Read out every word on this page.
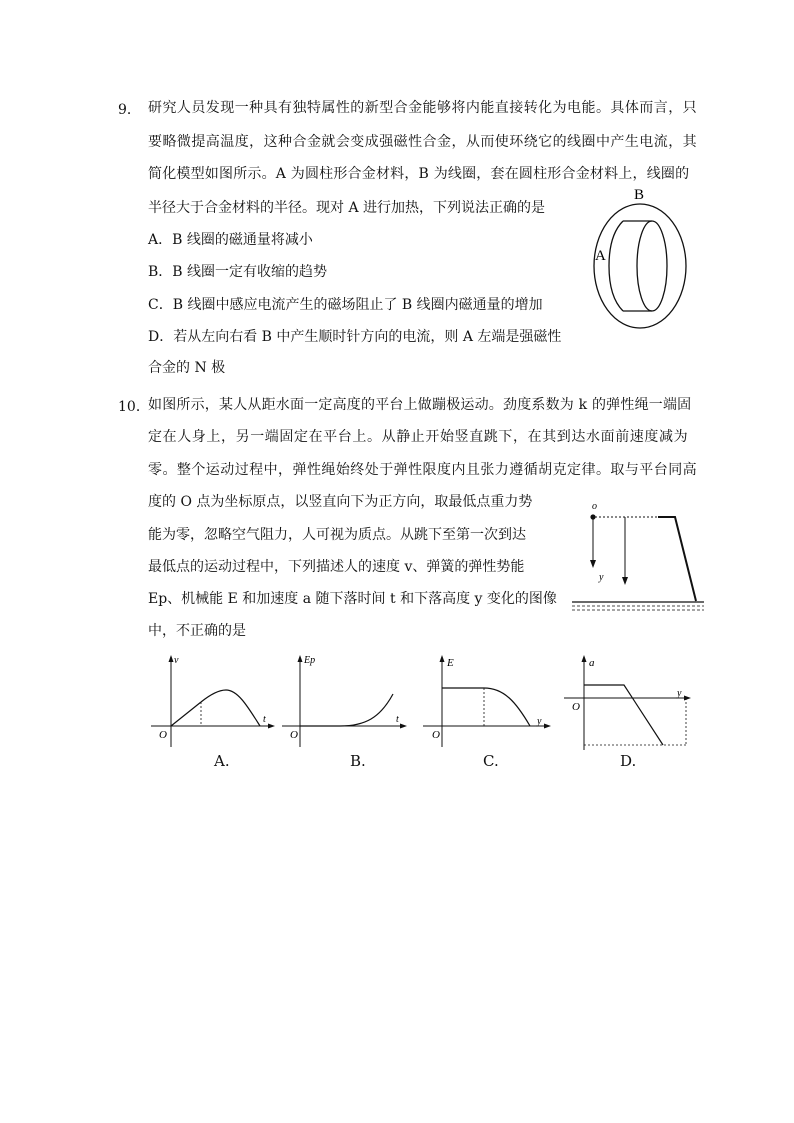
9． 研究人员发现一种具有独特属性的新型合金能够将内能直接转化为电能。具体而言，只
要略微提高温度，这种合金就会变成强磁性合金，从而使环绕它的线圈中产生电流，其
简化模型如图所示。A 为圆柱形合金材料，B 为线圈，套在圆柱形合金材料上，线圈的
半径大于合金材料的半径。现对 A 进行加热，下列说法正确的是
A．B 线圈的磁通量将减小
B．B 线圈一定有收缩的趋势
C．B 线圈中感应电流产生的磁场阻止了 B 线圈内磁通量的增加
D．若从左向右看 B 中产生顺时针方向的电流，则 A 左端是强磁性
合金的 N 极
B
A
10．
如图所示，某人从距水面一定高度的平台上做蹦极运动。劲度系数为 k 的弹性绳一端固
定在人身上，另一端固定在平台上。从静止开始竖直跳下，在其到达水面前速度减为
零。整个运动过程中，弹性绳始终处于弹性限度内且张力遵循胡克定律。取与平台同高
度的 O 点为坐标原点，以竖直向下为正方向，取最低点重力势
能为零，忽略空气阻力，人可视为质点。从跳下至第一次到达
最低点的运动过程中，下列描述人的速度 v、弹簧的弹性势能
Ep、机械能 E 和加速度 a 随下落时间 t 和下落高度 y 变化的图像
中，不正确的是
o
y
v
t
O
A.
Ep
t
O
B.
E
y
O
C.
a
y
O
D.
